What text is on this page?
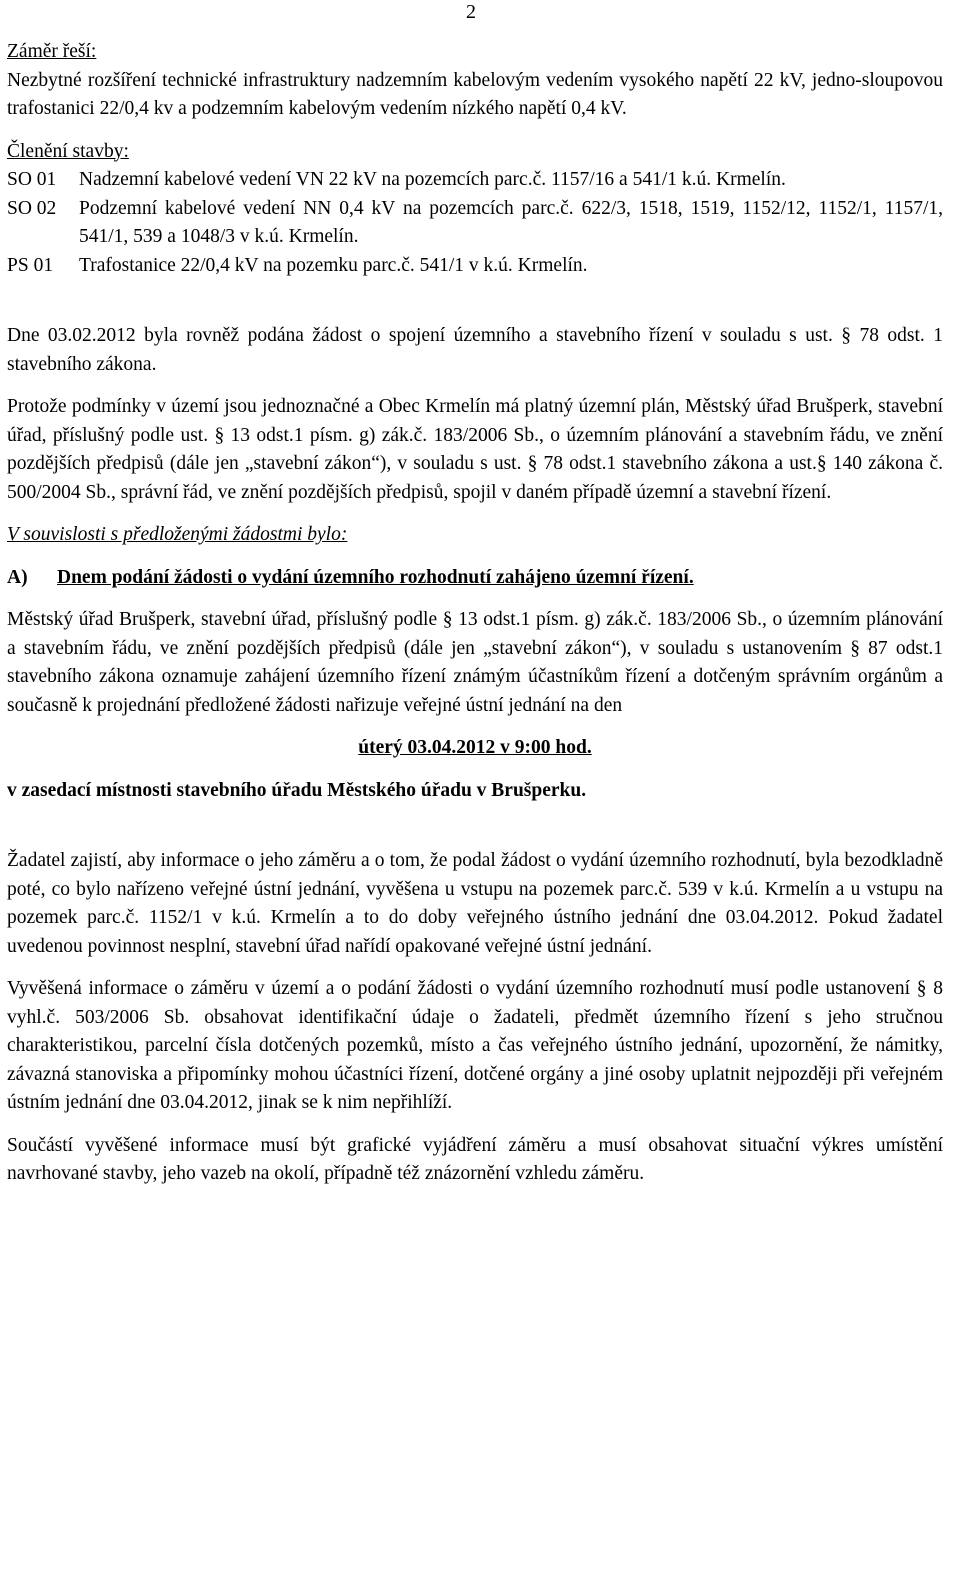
2

Záměr řeší:

Nezbytné rozšíření technické infrastruktury nadzemním kabelovým vedením vysokého napětí 22 kV, jedno-sloupovou trafostanici 22/0,4 kv a podzemním kabelovým vedením nízkého napětí 0,4 kV.

Členění stavby:

SO 01	Nadzemní kabelové vedení VN 22 kV na pozemcích parc.č. 1157/16 a 541/1 k.ú. Krmelín.
SO 02	Podzemní kabelové vedení NN 0,4 kV na pozemcích parc.č. 622/3, 1518, 1519, 1152/12, 1152/1, 1157/1, 541/1, 539 a 1048/3 v k.ú. Krmelín.
PS 01	Trafostanice 22/0,4 kV na pozemku parc.č. 541/1 v k.ú. Krmelín.

Dne 03.02.2012 byla rovněž podána žádost o spojení územního a stavebního řízení v souladu s ust. § 78 odst. 1 stavebního zákona.

Protože podmínky v území jsou jednoznačné a Obec Krmelín má platný územní plán, Městský úřad Brušperk, stavební úřad, příslušný podle ust. § 13 odst.1 písm. g) zák.č. 183/2006 Sb., o územním plánování a stavebním řádu, ve znění pozdějších předpisů (dále jen „stavební zákon“), v souladu s ust. § 78 odst.1 stavebního zákona a ust.§ 140 zákona č. 500/2004 Sb., správní řád, ve znění pozdějších předpisů, spojil v daném případě územní a stavební řízení.

V souvislosti s předloženými žádostmi bylo:

A)	Dnem podání žádosti o vydání územního rozhodnutí zahájeno územní řízení.

Městský úřad Brušperk, stavební úřad, příslušný podle § 13 odst.1 písm. g) zák.č. 183/2006 Sb., o územním plánování a stavebním řádu, ve znění pozdějších předpisů (dále jen „stavební zákon“), v souladu s ustanovením § 87 odst.1 stavebního zákona oznamuje zahájení územního řízení známým účastníkům řízení a dotčeným správním orgánům a současně k projednání předložené žádosti nařizuje veřejné ústní jednání na den

úterý 03.04.2012 v 9:00 hod.

v zasedací místnosti stavebního úřadu Městského úřadu v Brušperku.

Žadatel zajistí, aby informace o jeho záměru a o tom, že podal žádost o vydání územního rozhodnutí, byla bezodkladně poté, co bylo nařízeno veřejné ústní jednání, vyvěšena u vstupu na pozemek parc.č. 539 v k.ú. Krmelín a u vstupu na pozemek parc.č. 1152/1 v k.ú. Krmelín a to do doby veřejného ústního jednání dne 03.04.2012. Pokud žadatel uvedenou povinnost nesplní, stavební úřad nařídí opakované veřejné ústní jednání.

Vyvěšená informace o záměru v území a o podání žádosti o vydání územního rozhodnutí musí podle ustanovení § 8 vyhl.č. 503/2006 Sb. obsahovat identifikační údaje o žadateli, předmět územního řízení s jeho stručnou charakteristikou, parcelní čísla dotčených pozemků, místo a čas veřejného ústního jednání, upozornění, že námitky, závazná stanoviska a připomínky mohou účastníci řízení, dotčené orgány a jiné osoby uplatnit nejpozději při veřejném ústním jednání dne 03.04.2012, jinak se k nim nepřihlíží.

Součástí vyvěšené informace musí být grafické vyjádření záměru a musí obsahovat situační výkres umístění navrhované stavby, jeho vazeb na okolí, případně též znázornění vzhledu záměru.
